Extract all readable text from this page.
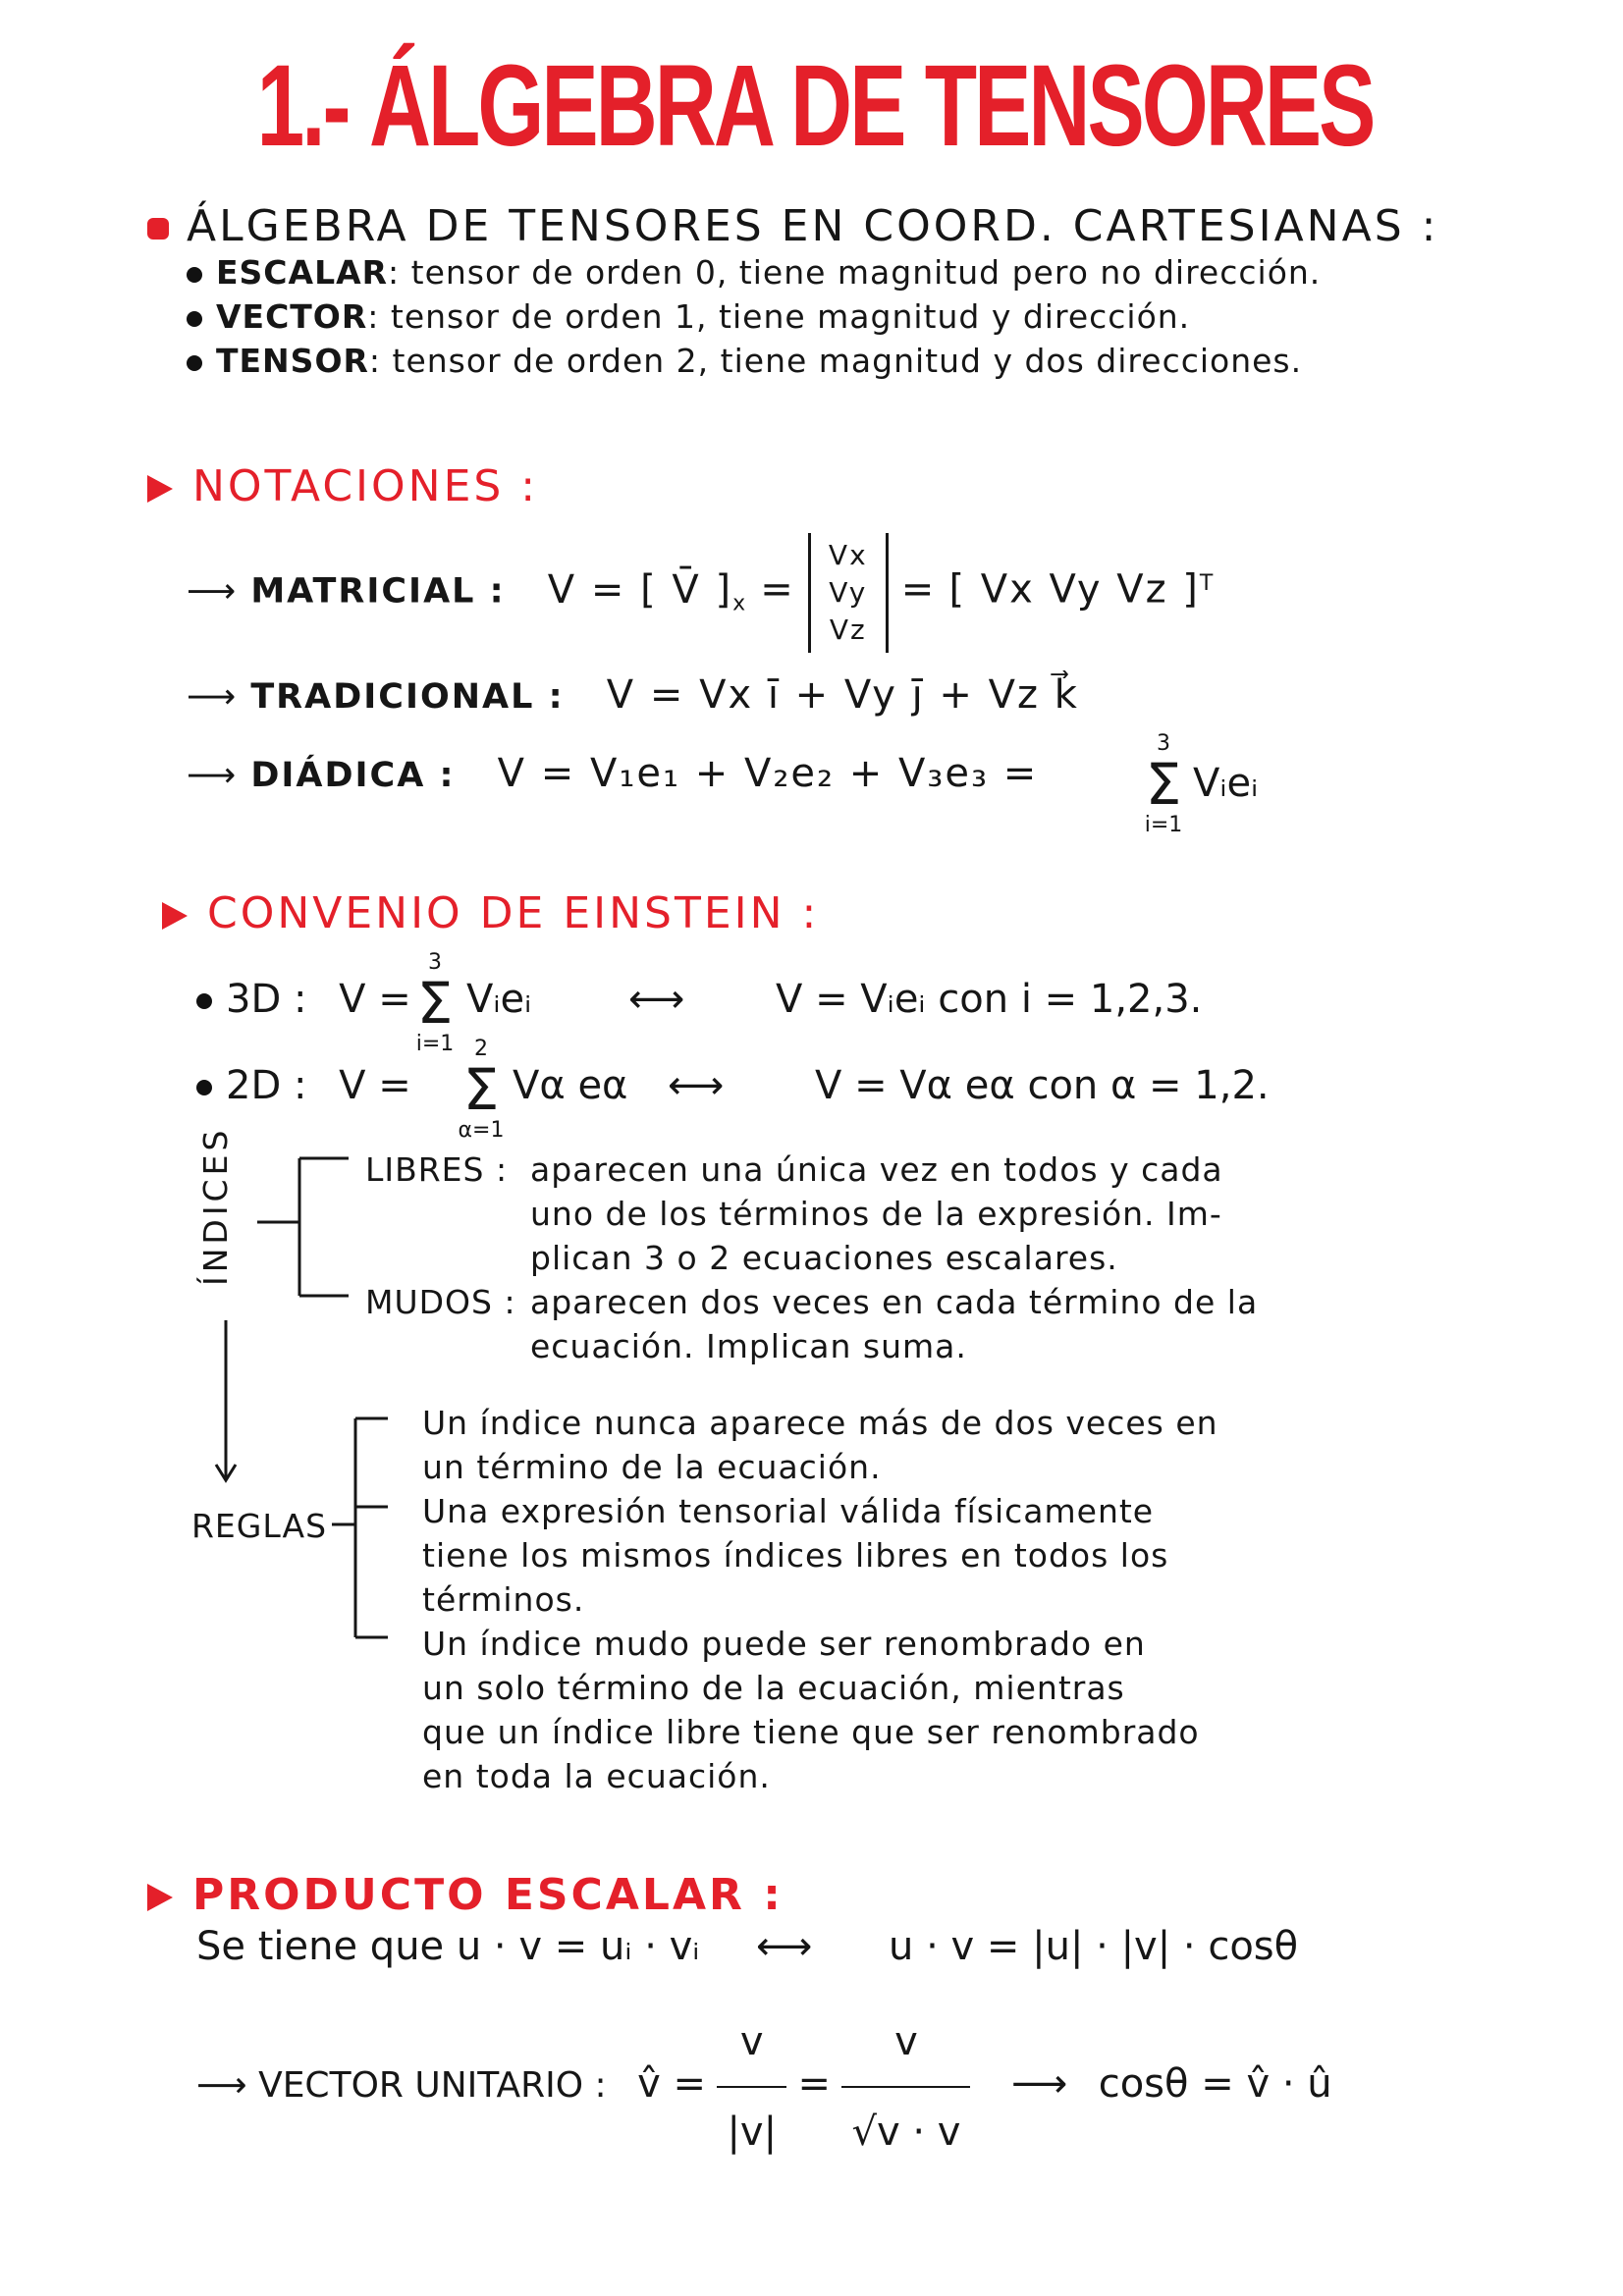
1.- ÁLGEBRA DE TENSORES
ÁLGEBRA DE TENSORES EN COORD. CARTESIANAS :
ESCALAR: tensor de orden 0, tiene magnitud pero no dirección.
VECTOR: tensor de orden 1, tiene magnitud y dirección.
TENSOR: tensor de orden 2, tiene magnitud y dos direcciones.
NOTACIONES :
⟶ MATRICIAL : V = [ V̄ ]$_x$ =
Vx
Vy
Vz
= [ Vx Vy Vz ]$^T$
⟶ TRADICIONAL : V = Vx ī + Vy j̄ + Vz k⃗
⟶ DIÁDICA : V = V₁e₁ + V₂e₂ + V₃e₃ =
3
Σ
i=1
Vᵢeᵢ
CONVENIO DE EINSTEIN :
3D : V =
3
Σ
i=1
Vᵢeᵢ ⟷ V = Vᵢeᵢ con i = 1,2,3.
2D : V =
2
Σ
α=1
Vα eα ⟷ V = Vα eα con α = 1,2.
ÍNDICES	LIBRES : aparecen una única vez en todos y cada
uno de los términos de la expresión. Im-
plican 3 o 2 ecuaciones escalares.
MUDOS : aparecen dos veces en cada término de la
ecuación. Implican suma.
REGLAS
Un índice nunca aparece más de dos veces en
un término de la ecuación.
Una expresión tensorial válida físicamente
tiene los mismos índices libres en todos los
términos.
Un índice mudo puede ser renombrado en
un solo término de la ecuación, mientras
que un índice libre tiene que ser renombrado
en toda la ecuación.
PRODUCTO ESCALAR :
Se tiene que u · v = uᵢ · vᵢ ⟷ u · v = |u| · |v| · cosθ
⟶ VECTOR UNITARIO : v̂ = $\frac{v}{|v|} = \frac{v}{√v \cdot v}$ ⟶ cosθ = v̂ · û
